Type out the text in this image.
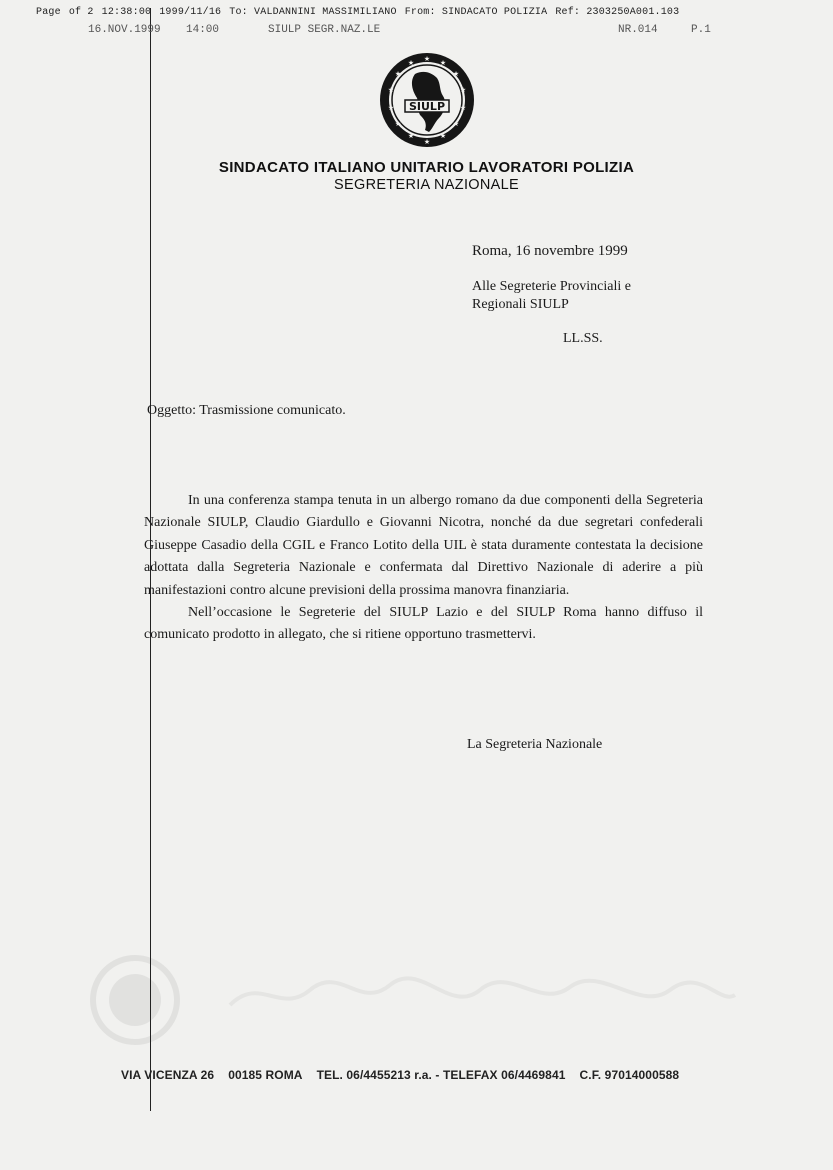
Page of 2 12:38:00 1999/11/16 To: VALDANNINI MASSIMILIANO From: SINDACATO POLIZIA Ref: 2303250A001.103
16.NOV.1999 14:00	SIULP SEGR.NAZ.LE	NR.014	P.1
★ ★
★
★
★
★
★
★
★
★
★
★
★
★
SIULP
SINDACATO ITALIANO UNITARIO LAVORATORI POLIZIA
SEGRETERIA NAZIONALE
Roma, 16 novembre 1999
Alle Segreterie Provinciali e
Regionali SIULP
LL.SS.
Oggetto: Trasmissione comunicato.

In una conferenza stampa tenuta in un albergo romano da due componenti della Segreteria Nazionale SIULP, Claudio Giardullo e Giovanni Nicotra, nonché da due segretari confederali Giuseppe Casadio della CGIL e Franco Lotito della UIL è stata duramente contestata la decisione adottata dalla Segreteria Nazionale e confermata dal Direttivo Nazionale di aderire a più manifestazioni contro alcune previsioni della prossima manovra finanziaria.

Nell’occasione le Segreterie del SIULP Lazio e del SIULP Roma hanno diffuso il comunicato prodotto in allegato, che si ritiene opportuno trasmettervi.

La Segreteria Nazionale
VIA VICENZA 26 00185 ROMA TEL. 06/4455213 r.a. - TELEFAX 06/4469841 C.F. 97014000588
